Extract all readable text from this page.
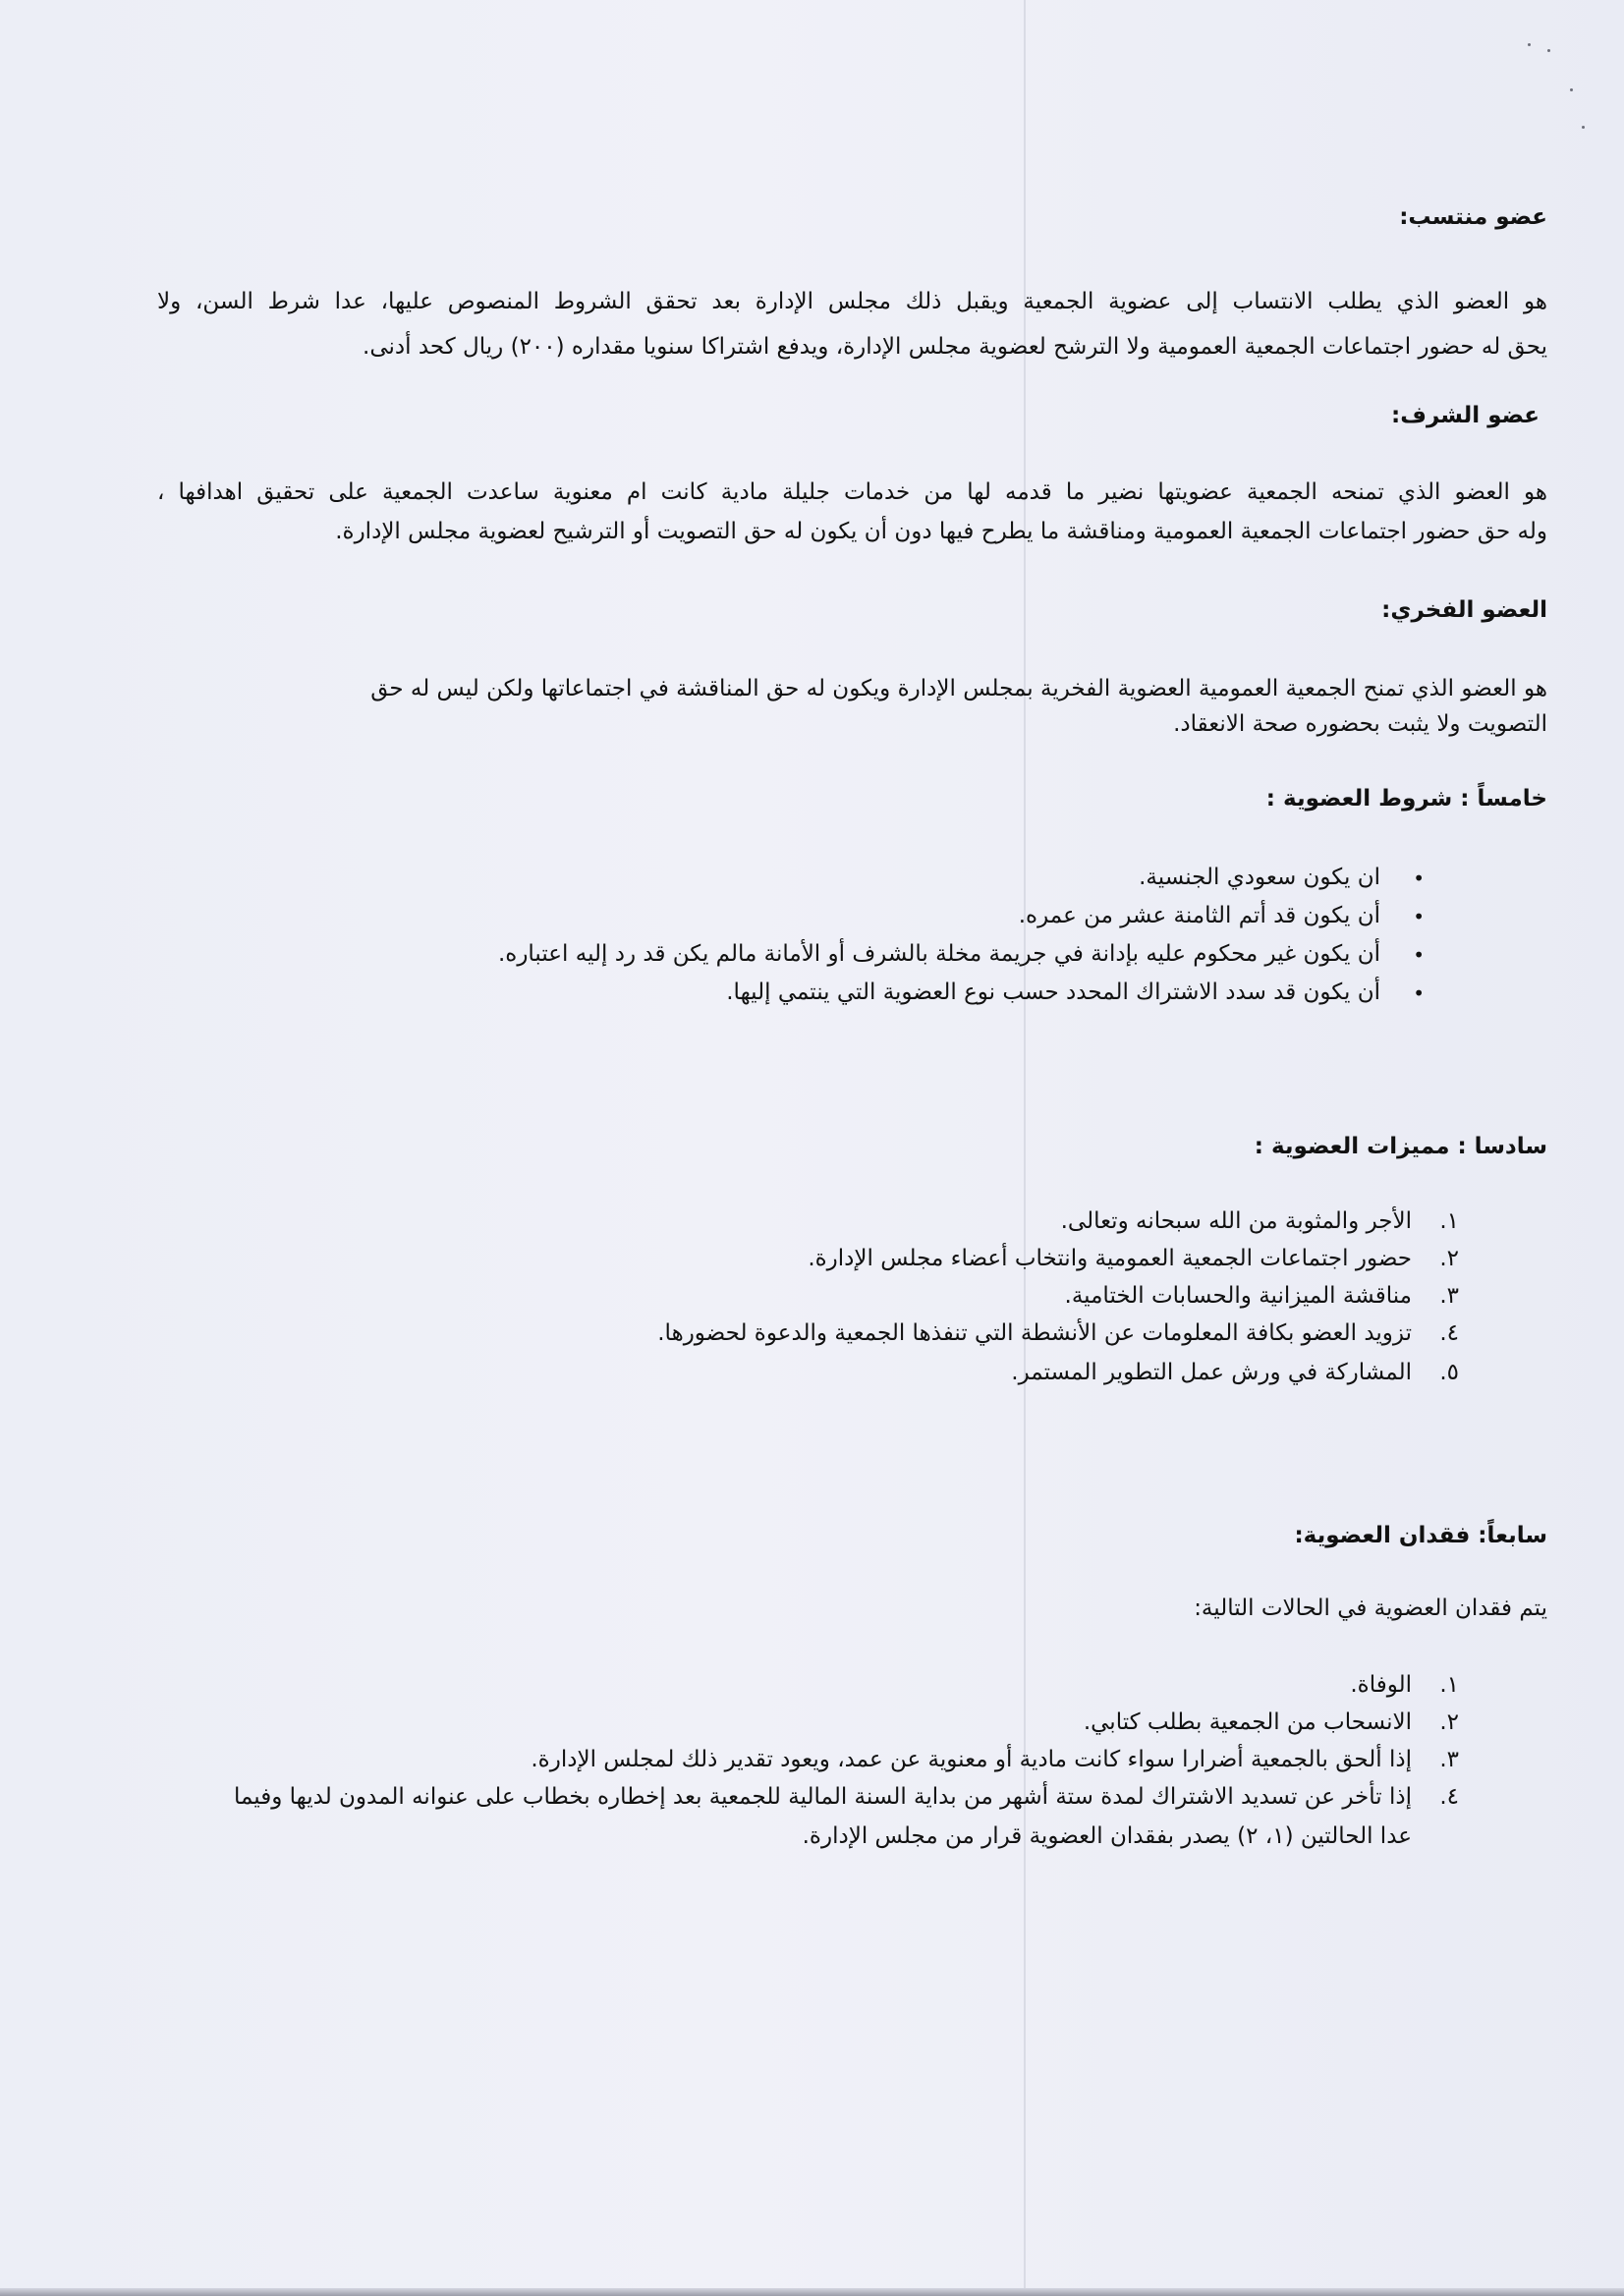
عضو منتسب:
هو العضو الذي يطلب الانتساب إلى عضوية الجمعية ويقبل ذلك مجلس الإدارة بعد تحقق الشروط المنصوص عليها، عدا شرط السن، ولا
يحق له حضور اجتماعات الجمعية العمومية ولا الترشح لعضوية مجلس الإدارة، ويدفع اشتراكا سنويا مقداره (٢٠٠) ريال كحد أدنى.
عضو الشرف:
هو العضو الذي تمنحه الجمعية عضويتها نضير ما قدمه لها من خدمات جليلة مادية كانت ام معنوية ساعدت الجمعية على تحقيق اهدافها ،
وله حق حضور اجتماعات الجمعية العمومية ومناقشة ما يطرح فيها دون أن يكون له حق التصويت أو الترشيح لعضوية مجلس الإدارة.
العضو الفخري:
هو العضو الذي تمنح الجمعية العمومية العضوية الفخرية بمجلس الإدارة ويكون له حق المناقشة في اجتماعاتها ولكن ليس له حق
التصويت ولا يثبت بحضوره صحة الانعقاد.
خامساً : شروط العضوية :
•
ان يكون سعودي الجنسية.
•
أن يكون قد أتم الثامنة عشر من عمره.
•
أن يكون غير محكوم عليه بإدانة في جريمة مخلة بالشرف أو الأمانة مالم يكن قد رد إليه اعتباره.
•
أن يكون قد سدد الاشتراك المحدد حسب نوع العضوية التي ينتمي إليها.
سادسا : مميزات العضوية :
١.
الأجر والمثوبة من الله سبحانه وتعالى.
٢.
حضور اجتماعات الجمعية العمومية وانتخاب أعضاء مجلس الإدارة.
٣.
مناقشة الميزانية والحسابات الختامية.
٤.
تزويد العضو بكافة المعلومات عن الأنشطة التي تنفذها الجمعية والدعوة لحضورها.
٥.
المشاركة في ورش عمل التطوير المستمر.
سابعاً: فقدان العضوية:
يتم فقدان العضوية في الحالات التالية:
١.
الوفاة.
٢.
الانسحاب من الجمعية بطلب كتابي.
٣.
إذا ألحق بالجمعية أضرارا سواء كانت مادية أو معنوية عن عمد، ويعود تقدير ذلك لمجلس الإدارة.
٤.
إذا تأخر عن تسديد الاشتراك لمدة ستة أشهر من بداية السنة المالية للجمعية بعد إخطاره بخطاب على عنوانه المدون لديها وفيما
عدا الحالتين (١، ٢) يصدر بفقدان العضوية قرار من مجلس الإدارة.
